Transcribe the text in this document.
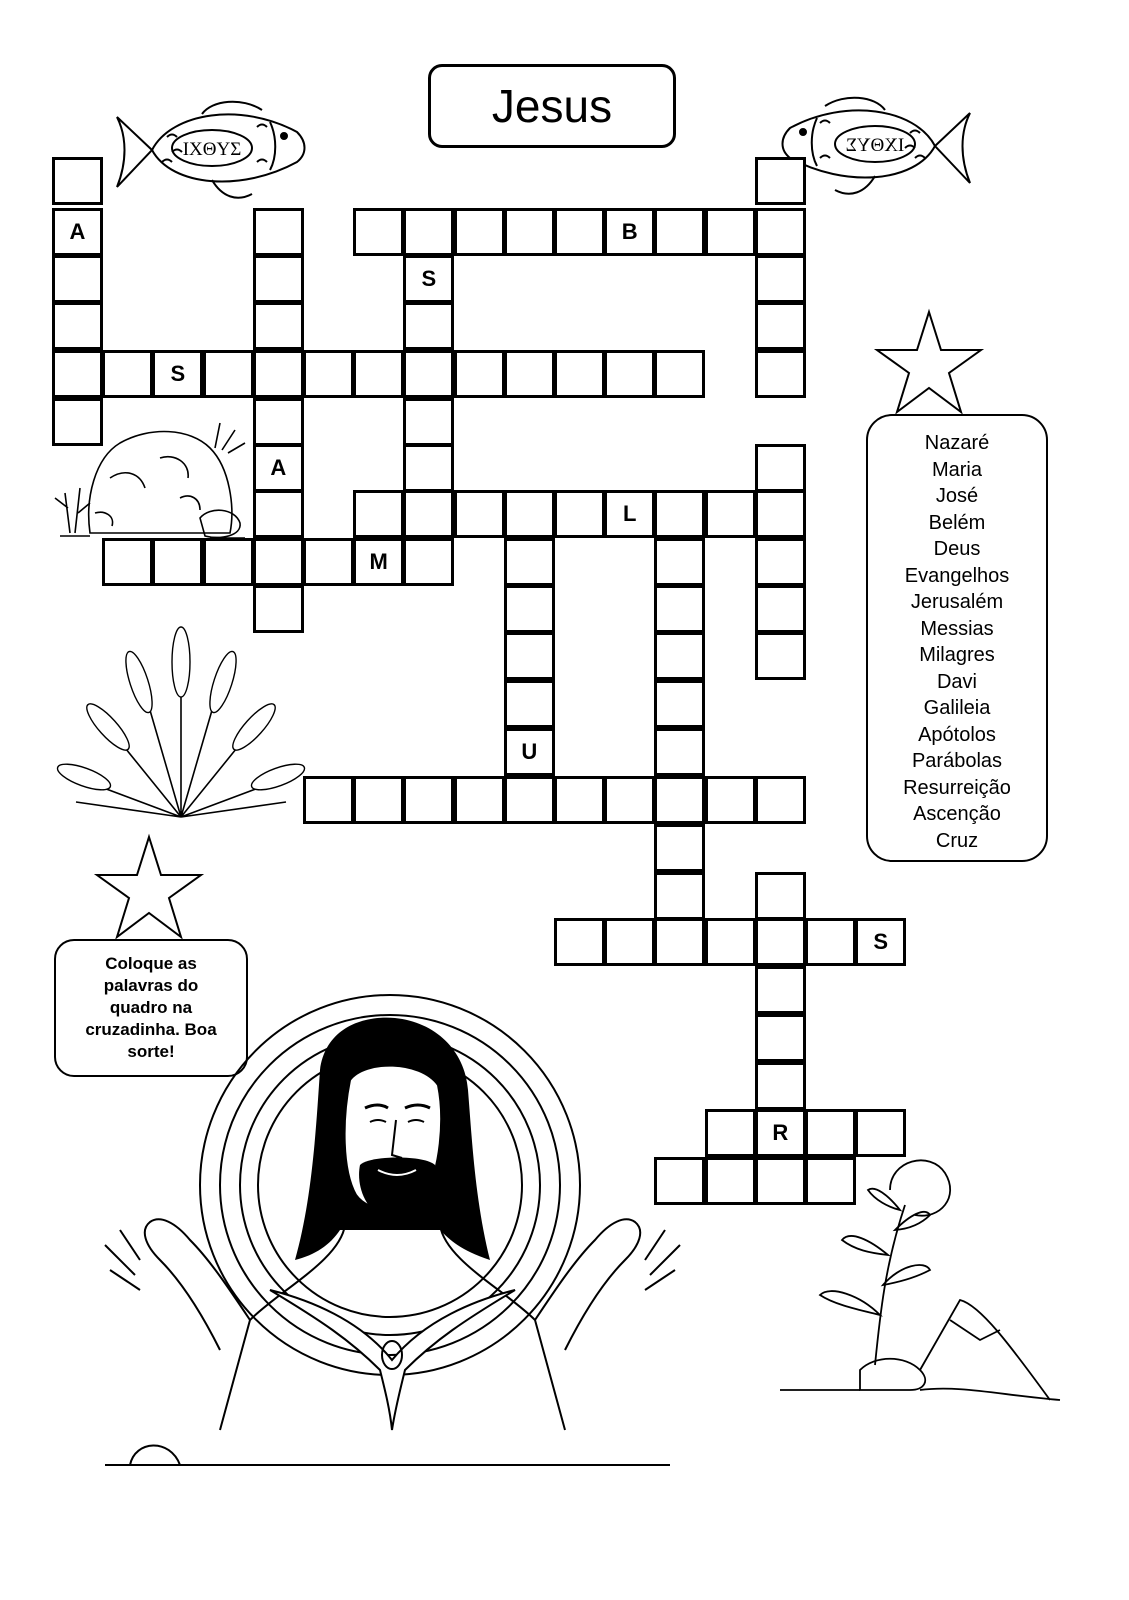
Jesus
IXΘYΣ	IXΘYΣ
A
A
B
S
S
L
U
S
R
M
Nazaré
Maria
José
Belém
Deus
Evangelhos
Jerusalém
Messias
Milagres
Davi
Galileia
Apótolos
Parábolas
Resurreição
Ascenção
Cruz
Coloque as palavras do quadro na cruzadinha. Boa sorte!
